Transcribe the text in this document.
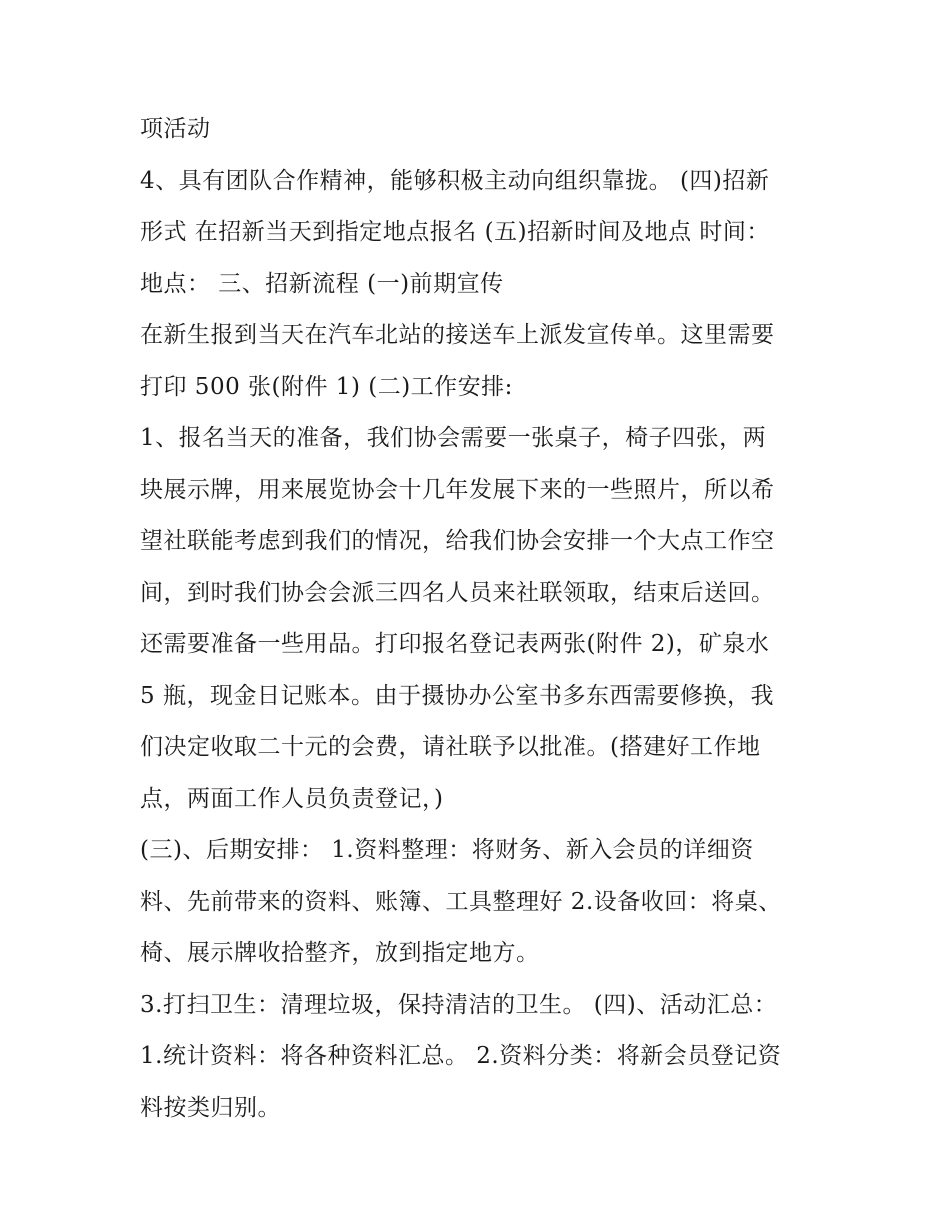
项活动
4、具有团队合作精神，能够积极主动向组织靠拢。 (四)招新
形式 在招新当天到指定地点报名 (五)招新时间及地点 时间：
地点： 三、招新流程 (一)前期宣传
在新生报到当天在汽车北站的接送车上派发宣传单。这里需要
打印 500 张(附件 1) (二)工作安排:
1、报名当天的准备，我们协会需要一张桌子，椅子四张，两
块展示牌，用来展览协会十几年发展下来的一些照片，所以希
望社联能考虑到我们的情况，给我们协会安排一个大点工作空
间，到时我们协会会派三四名人员来社联领取，结束后送回。
还需要准备一些用品。打印报名登记表两张(附件 2)，矿泉水
5 瓶，现金日记账本。由于摄协办公室书多东西需要修换，我
们决定收取二十元的会费，请社联予以批准。(搭建好工作地
点，两面工作人员负责登记，)
(三)、后期安排： 1.资料整理：将财务、新入会员的详细资
料、先前带来的资料、账簿、工具整理好 2.设备收回：将桌、
椅、展示牌收拾整齐，放到指定地方。
3.打扫卫生：清理垃圾，保持清洁的卫生。 (四)、活动汇总：
1.统计资料：将各种资料汇总。 2.资料分类：将新会员登记资
料按类归别。
